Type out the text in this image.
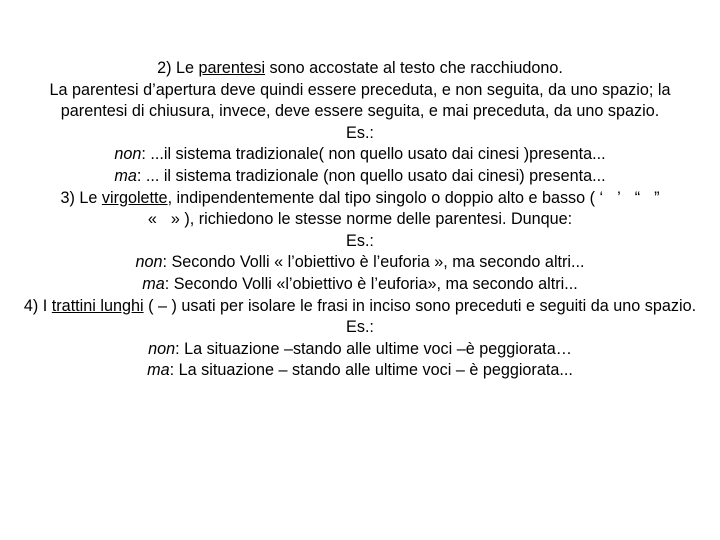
2) Le parentesi sono accostate al testo che racchiudono.
La parentesi d’apertura deve quindi essere preceduta, e non seguita, da uno spazio; la parentesi di chiusura, invece, deve essere seguita, e mai preceduta, da uno spazio.
Es.:
non: ...il sistema tradizionale( non quello usato dai cinesi )presenta...
ma: ... il sistema tradizionale (non quello usato dai cinesi) presenta...
3) Le virgolette, indipendentemente dal tipo singolo o doppio alto e basso ( ‘ ’ “ ”
« » ), richiedono le stesse norme delle parentesi. Dunque:
Es.:
non: Secondo Volli « l’obiettivo è l’euforia », ma secondo altri...
ma: Secondo Volli «l’obiettivo è l’euforia», ma secondo altri...
4) I trattini lunghi ( – ) usati per isolare le frasi in inciso sono preceduti e seguiti da uno spazio.
Es.:
non: La situazione –stando alle ultime voci –è peggiorata…
ma: La situazione – stando alle ultime voci – è peggiorata...
